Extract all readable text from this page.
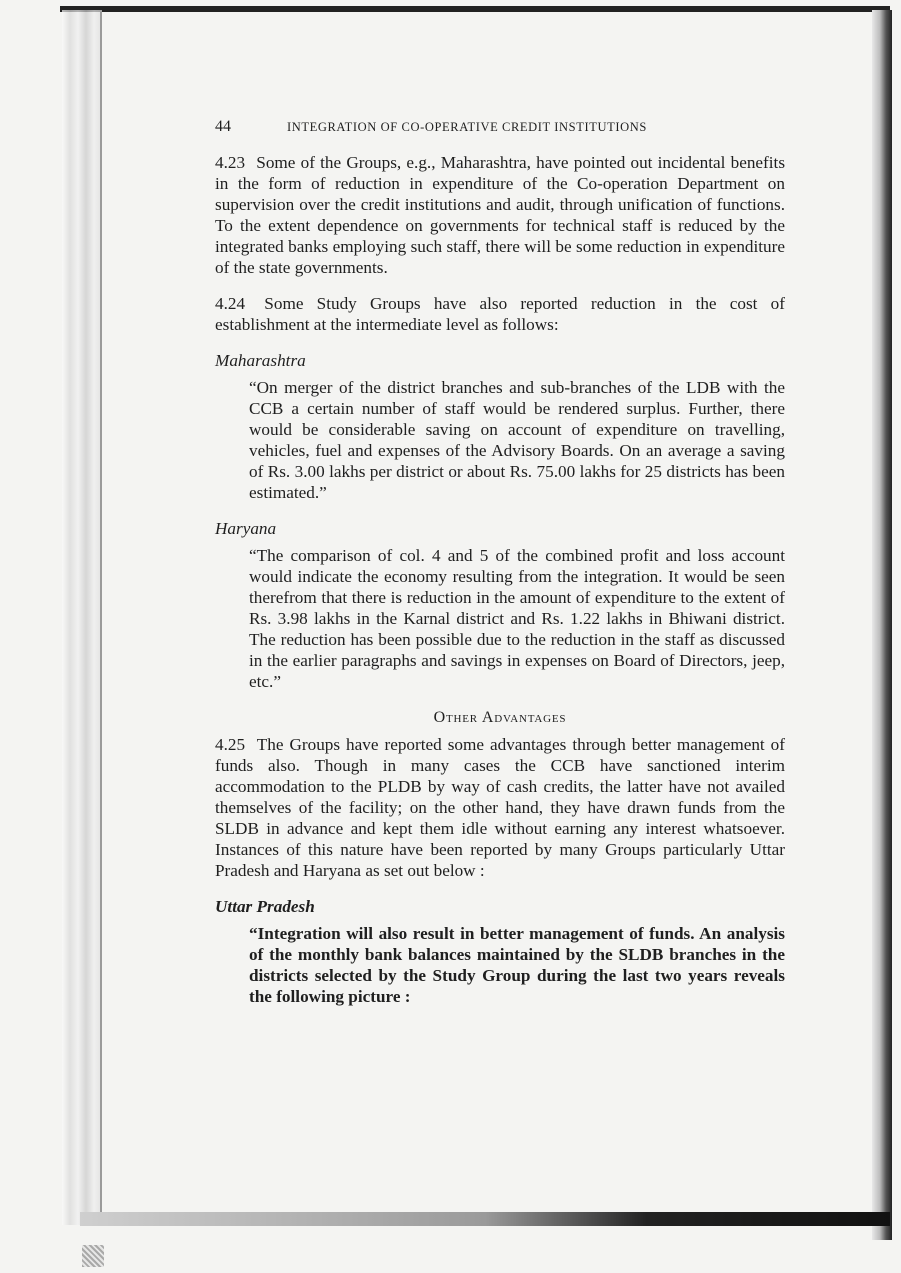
44	INTEGRATION OF CO-OPERATIVE CREDIT INSTITUTIONS

4.23 Some of the Groups, e.g., Maharashtra, have pointed out incidental benefits in the form of reduction in expenditure of the Co-operation Department on supervision over the credit institutions and audit, through unification of functions. To the extent dependence on governments for technical staff is reduced by the integrated banks employing such staff, there will be some reduction in expenditure of the state governments.

4.24 Some Study Groups have also reported reduction in the cost of establishment at the intermediate level as follows:

Maharashtra
“On merger of the district branches and sub-branches of the LDB with the CCB a certain number of staff would be rendered surplus. Further, there would be considerable saving on account of expenditure on travelling, vehicles, fuel and expenses of the Advisory Boards. On an average a saving of Rs. 3.00 lakhs per district or about Rs. 75.00 lakhs for 25 districts has been estimated.”
Haryana
“The comparison of col. 4 and 5 of the combined profit and loss account would indicate the economy resulting from the integration. It would be seen therefrom that there is reduction in the amount of expenditure to the extent of Rs. 3.98 lakhs in the Karnal district and Rs. 1.22 lakhs in Bhiwani district. The reduction has been possible due to the reduction in the staff as discussed in the earlier paragraphs and savings in expenses on Board of Directors, jeep, etc.”
Other Advantages

4.25 The Groups have reported some advantages through better management of funds also. Though in many cases the CCB have sanctioned interim accommodation to the PLDB by way of cash credits, the latter have not availed themselves of the facility; on the other hand, they have drawn funds from the SLDB in advance and kept them idle without earning any interest whatsoever. Instances of this nature have been reported by many Groups particularly Uttar Pradesh and Haryana as set out below :

Uttar Pradesh
“Integration will also result in better management of funds. An analysis of the monthly bank balances maintained by the SLDB branches in the districts selected by the Study Group during the last two years reveals the following picture :
